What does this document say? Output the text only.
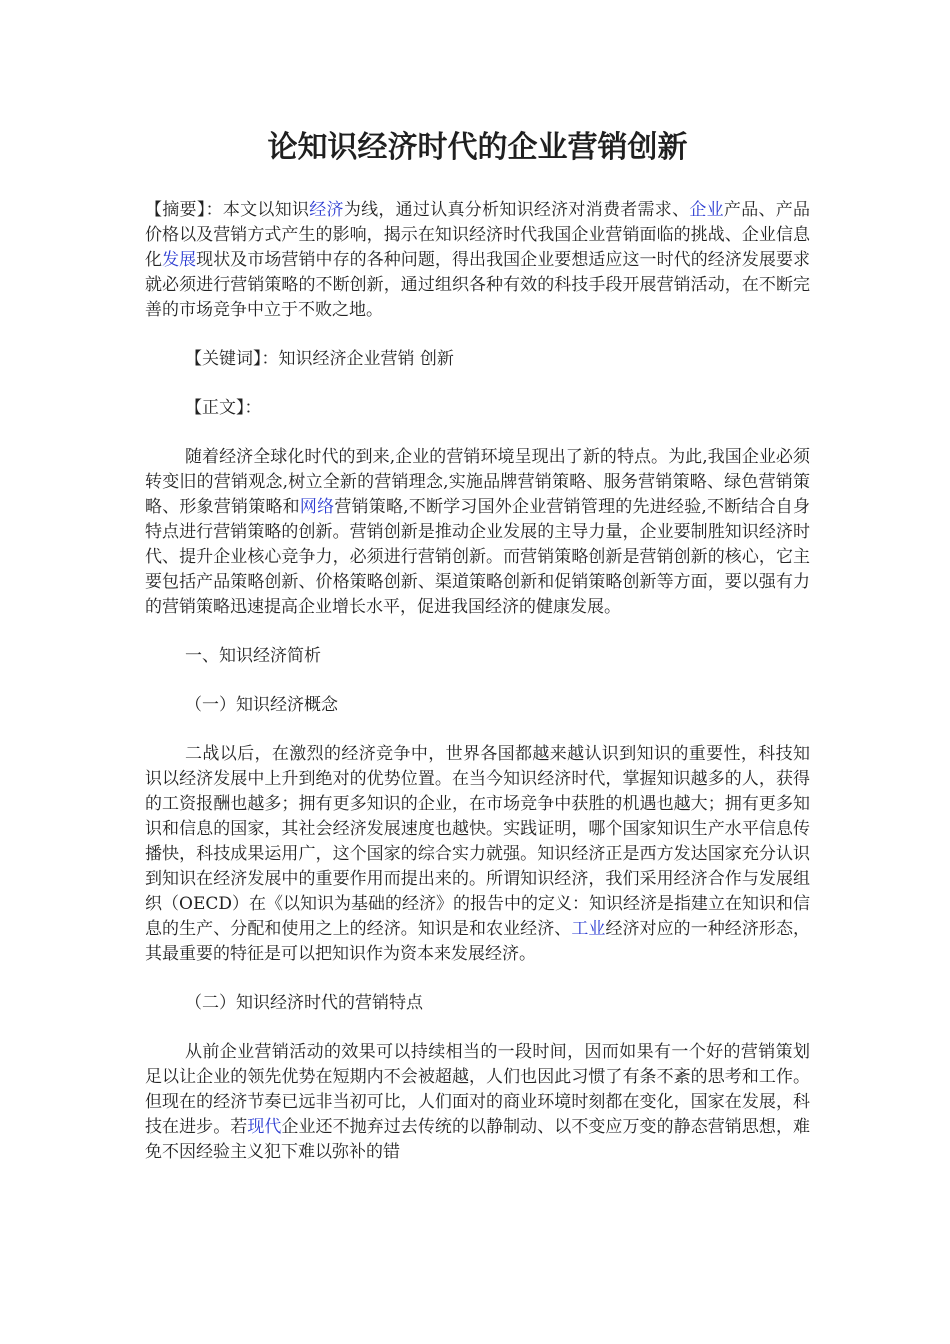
论知识经济时代的企业营销创新

【摘要】：本文以知识经济为线，通过认真分析知识经济对消费者需求、企业产品、产品价格以及营销方式产生的影响，揭示在知识经济时代我国企业营销面临的挑战、企业信息化发展现状及市场营销中存的各种问题，得出我国企业要想适应这一时代的经济发展要求就必须进行营销策略的不断创新，通过组织各种有效的科技手段开展营销活动，在不断完善的市场竞争中立于不败之地。

【关键词】：知识经济企业营销 创新

【正文】：

随着经济全球化时代的到来,企业的营销环境呈现出了新的特点。为此,我国企业必须转变旧的营销观念,树立全新的营销理念,实施品牌营销策略、服务营销策略、绿色营销策略、形象营销策略和网络营销策略,不断学习国外企业营销管理的先进经验,不断结合自身特点进行营销策略的创新。营销创新是推动企业发展的主导力量，企业要制胜知识经济时代、提升企业核心竞争力，必须进行营销创新。而营销策略创新是营销创新的核心，它主要包括产品策略创新、价格策略创新、渠道策略创新和促销策略创新等方面，要以强有力的营销策略迅速提高企业增长水平，促进我国经济的健康发展。

一、知识经济简析

（一）知识经济概念

二战以后，在激烈的经济竞争中，世界各国都越来越认识到知识的重要性，科技知识以经济发展中上升到绝对的优势位置。在当今知识经济时代，掌握知识越多的人，获得的工资报酬也越多；拥有更多知识的企业，在市场竞争中获胜的机遇也越大；拥有更多知识和信息的国家，其社会经济发展速度也越快。实践证明，哪个国家知识生产水平信息传播快，科技成果运用广，这个国家的综合实力就强。知识经济正是西方发达国家充分认识到知识在经济发展中的重要作用而提出来的。所谓知识经济，我们采用经济合作与发展组织（OECD）在《以知识为基础的经济》的报告中的定义：知识经济是指建立在知识和信息的生产、分配和使用之上的经济。知识是和农业经济、工业经济对应的一种经济形态，其最重要的特征是可以把知识作为资本来发展经济。

（二）知识经济时代的营销特点

从前企业营销活动的效果可以持续相当的一段时间，因而如果有一个好的营销策划足以让企业的领先优势在短期内不会被超越，人们也因此习惯了有条不紊的思考和工作。但现在的经济节奏已远非当初可比，人们面对的商业环境时刻都在变化，国家在发展，科技在进步。若现代企业还不抛弃过去传统的以静制动、以不变应万变的静态营销思想，难免不因经验主义犯下难以弥补的错
